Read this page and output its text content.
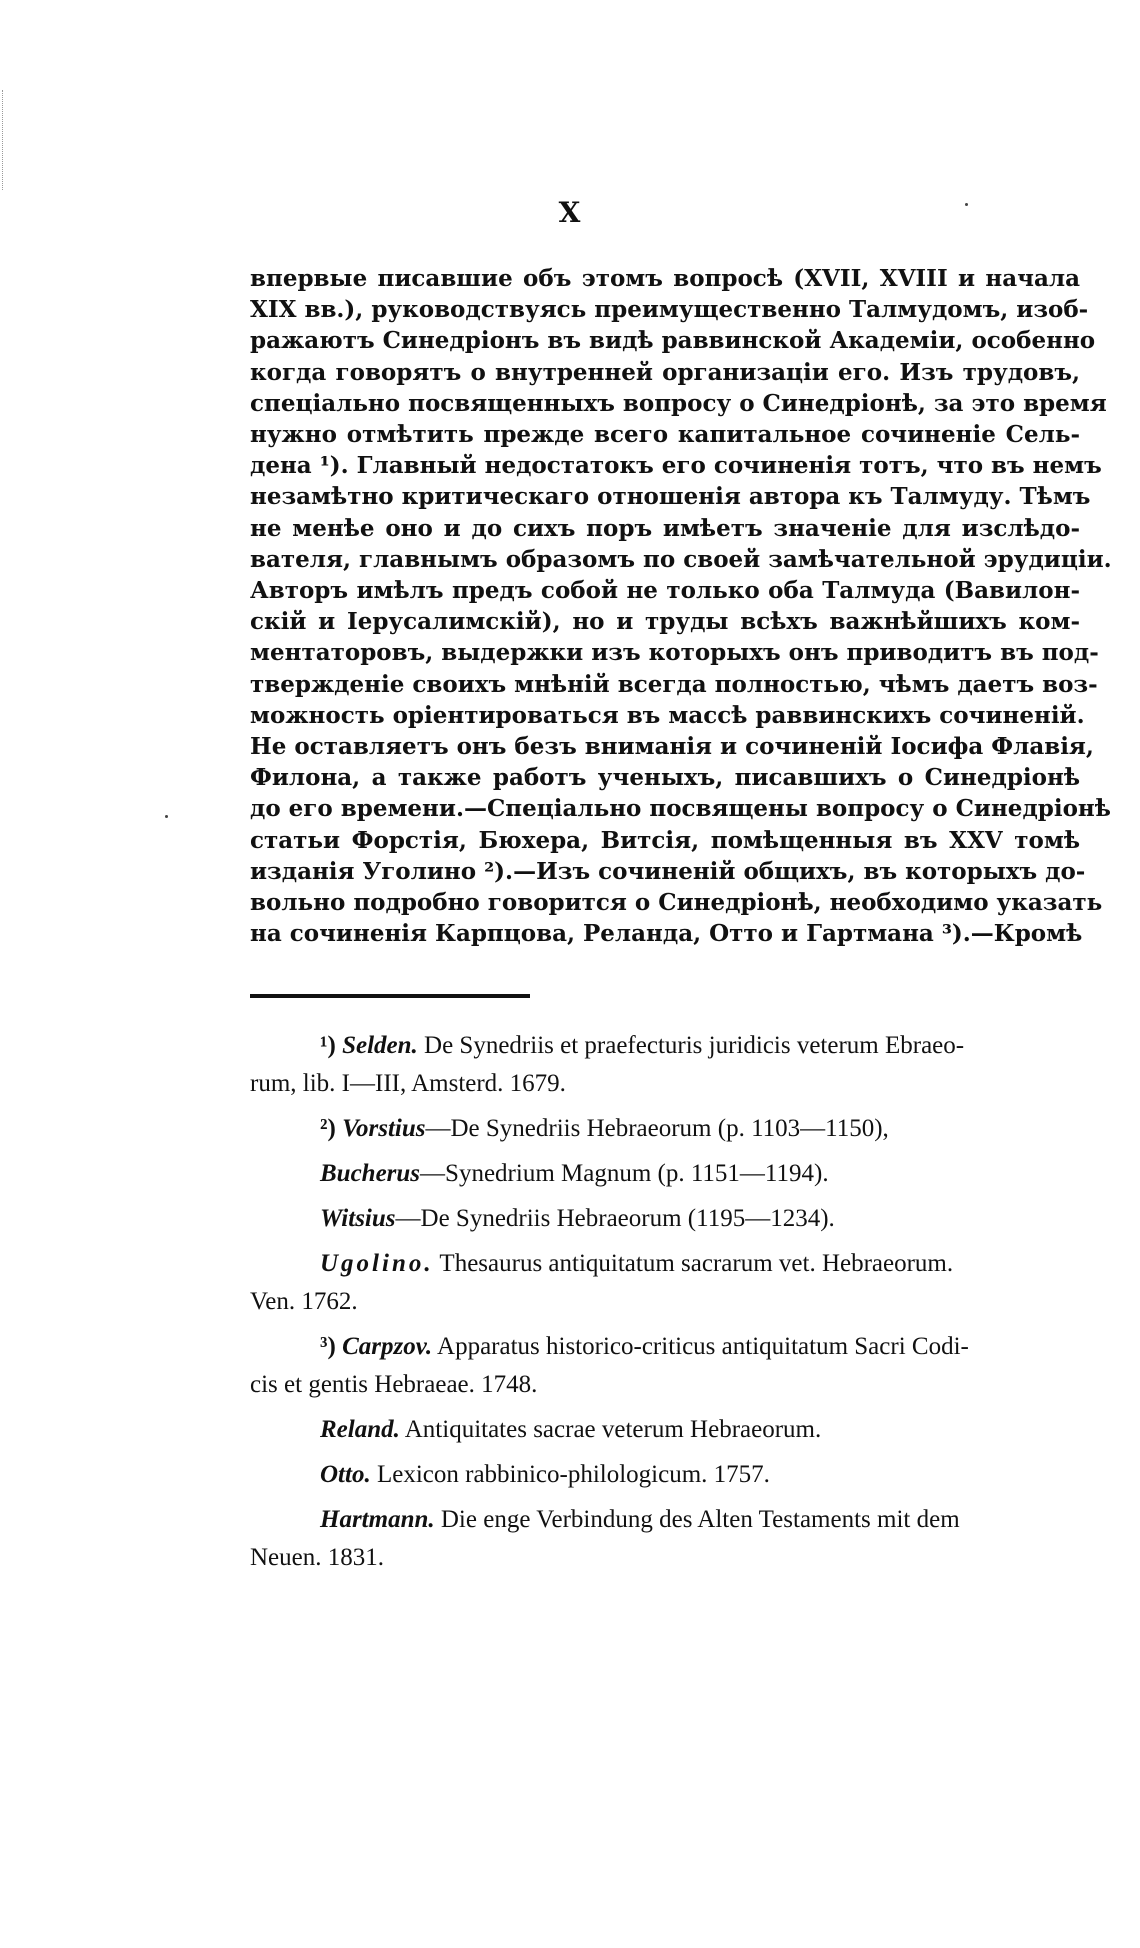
X
впервые писавшие объ этомъ вопросѣ (XVII, XVIII и начала
XIX вв.), руководствуясь преимущественно Талмудомъ, изоб-
ражаютъ Синедріонъ въ видѣ раввинской Академіи, особенно
когда говорятъ о внутренней организаціи его. Изъ трудовъ,
спеціально посвященныхъ вопросу о Синедріонѣ, за это время
нужно отмѣтить прежде всего капитальное сочиненіе Сель-
дена ¹). Главный недостатокъ его сочиненія тотъ, что въ немъ
незамѣтно критическаго отношенія автора къ Талмуду. Тѣмъ
не менѣе оно и до сихъ поръ имѣетъ значеніе для изслѣдо-
вателя, главнымъ образомъ по своей замѣчательной эрудиціи.
Авторъ имѣлъ предъ собой не только оба Талмуда (Вавилон-
скій и Іерусалимскій), но и труды всѣхъ важнѣйшихъ ком-
ментаторовъ, выдержки изъ которыхъ онъ приводитъ въ под-
твержденіе своихъ мнѣній всегда полностью, чѣмъ даетъ воз-
можность оріентироваться въ массѣ раввинскихъ сочиненій.
Не оставляетъ онъ безъ вниманія и сочиненій Іосифа Флавія,
Филона, а также работъ ученыхъ, писавшихъ о Синедріонѣ
до его времени.—Спеціально посвящены вопросу о Синедріонѣ
статьи Форстія, Бюхера, Витсія, помѣщенныя въ XXV томѣ
изданія Уголино ²).—Изъ сочиненій общихъ, въ которыхъ до-
вольно подробно говорится о Синедріонѣ, необходимо указать
на сочиненія Карпцова, Реланда, Отто и Гартмана ³).—Кромѣ
¹) Selden. De Synedriis et praefecturis juridicis veterum Ebraeo-
rum, lib. I—III, Amsterd. 1679.
²) Vorstius—De Synedriis Hebraeorum (p. 1103—1150),
Bucherus—Synedrium Magnum (p. 1151—1194).
Witsius—De Synedriis Hebraeorum (1195—1234).
Ugolino. Thesaurus antiquitatum sacrarum vet. Hebraeorum.
Ven. 1762.
³) Carpzov. Apparatus historico-criticus antiquitatum Sacri Codi-
cis et gentis Hebraeae. 1748.
Reland. Antiquitates sacrae veterum Hebraeorum.
Otto. Lexicon rabbinico-philologicum. 1757.
Hartmann. Die enge Verbindung des Alten Testaments mit dem
Neuen. 1831.
